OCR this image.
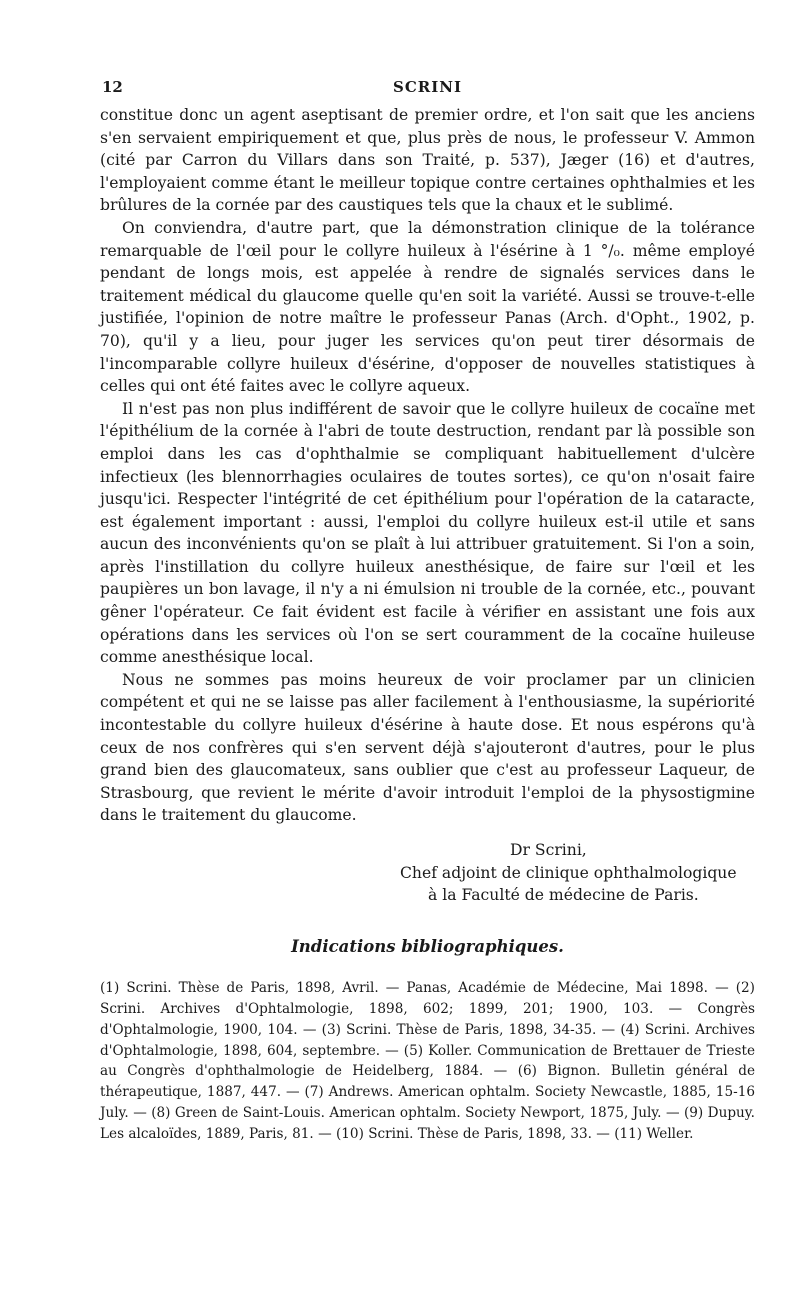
12	SCRINI

constitue donc un agent aseptisant de premier ordre, et l'on sait que les anciens s'en servaient empiriquement et que, plus près de nous, le professeur V. Ammon (cité par Carron du Villars dans son Traité, p. 537), Jæger (16) et d'autres, l'employaient comme étant le meilleur topique contre certaines ophthalmies et les brûlures de la cornée par des caustiques tels que la chaux et le sublimé.

On conviendra, d'autre part, que la démonstration clinique de la tolérance remarquable de l'œil pour le collyre huileux à l'ésérine à 1 °/₀. même employé pendant de longs mois, est appelée à rendre de signalés services dans le traitement médical du glaucome quelle qu'en soit la variété. Aussi se trouve-t-elle justifiée, l'opinion de notre maître le professeur Panas (Arch. d'Opht., 1902, p. 70), qu'il y a lieu, pour juger les services qu'on peut tirer désormais de l'incomparable collyre huileux d'ésérine, d'opposer de nouvelles statistiques à celles qui ont été faites avec le collyre aqueux.

Il n'est pas non plus indifférent de savoir que le collyre huileux de cocaïne met l'épithélium de la cornée à l'abri de toute destruction, rendant par là possible son emploi dans les cas d'ophthalmie se compliquant habituellement d'ulcère infectieux (les blennorrhagies oculaires de toutes sortes), ce qu'on n'osait faire jusqu'ici. Respecter l'intégrité de cet épithélium pour l'opération de la cataracte, est également important : aussi, l'emploi du collyre huileux est-il utile et sans aucun des inconvénients qu'on se plaît à lui attribuer gratuitement. Si l'on a soin, après l'instillation du collyre huileux anesthésique, de faire sur l'œil et les paupières un bon lavage, il n'y a ni émulsion ni trouble de la cornée, etc., pouvant gêner l'opérateur. Ce fait évident est facile à vérifier en assistant une fois aux opérations dans les services où l'on se sert couramment de la cocaïne huileuse comme anesthésique local.

Nous ne sommes pas moins heureux de voir proclamer par un clinicien compétent et qui ne se laisse pas aller facilement à l'enthousiasme, la supériorité incontestable du collyre huileux d'ésérine à haute dose. Et nous espérons qu'à ceux de nos confrères qui s'en servent déjà s'ajouteront d'autres, pour le plus grand bien des glaucomateux, sans oublier que c'est au professeur Laqueur, de Strasbourg, que revient le mérite d'avoir introduit l'emploi de la physostigmine dans le traitement du glaucome.

Dr Scrini,
Chef adjoint de clinique ophthalmologique
à la Faculté de médecine de Paris.
Indications bibliographiques.
(1) Scrini. Thèse de Paris, 1898, Avril. — Panas, Académie de Médecine, Mai 1898. — (2) Scrini. Archives d'Ophtalmologie, 1898, 602; 1899, 201; 1900, 103. — Congrès d'Ophtalmologie, 1900, 104. — (3) Scrini. Thèse de Paris, 1898, 34-35. — (4) Scrini. Archives d'Ophtalmologie, 1898, 604, septembre. — (5) Koller. Communication de Brettauer de Trieste au Congrès d'ophthalmologie de Heidelberg, 1884. — (6) Bignon. Bulletin général de thérapeutique, 1887, 447. — (7) Andrews. American ophtalm. Society Newcastle, 1885, 15-16 July. — (8) Green de Saint-Louis. American ophtalm. Society Newport, 1875, July. — (9) Dupuy. Les alcaloïdes, 1889, Paris, 81. — (10) Scrini. Thèse de Paris, 1898, 33. — (11) Weller.
